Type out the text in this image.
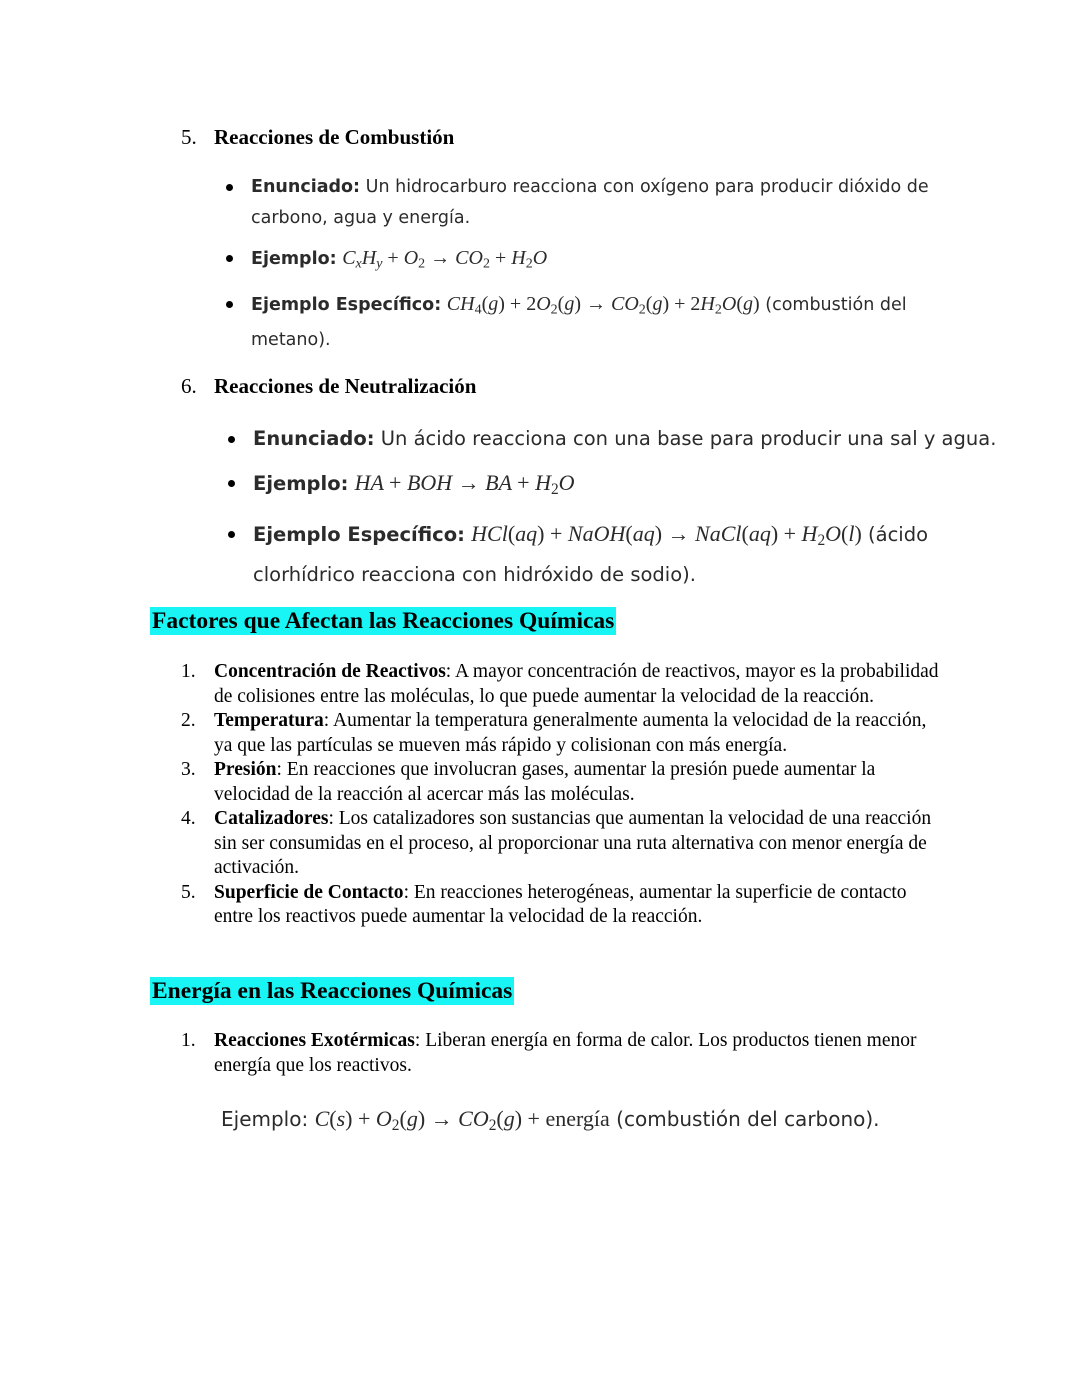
5. Reacciones de Combustión
Enunciado: Un hidrocarburo reacciona con oxígeno para producir dióxido de carbono, agua y energía.
Ejemplo: $C_xH_y + O_2 \to CO_2 + H_2O$
Ejemplo Específico: $CH_4(g) + 2O_2(g) \to CO_2(g) + 2H_2O(g)$ (combustión del metano).
6. Reacciones de Neutralización
Enunciado: Un ácido reacciona con una base para producir una sal y agua.
Ejemplo: HA + BOH → BA + $H_2O$
Ejemplo Específico: HCl(aq) + NaOH(aq) → NaCl(aq) + $H_2O(l)$ (ácido clorhídrico reacciona con hidróxido de sodio).
Factores que Afectan las Reacciones Químicas
1. Concentración de Reactivos: A mayor concentración de reactivos, mayor es la probabilidad de colisiones entre las moléculas, lo que puede aumentar la velocidad de la reacción.
2. Temperatura: Aumentar la temperatura generalmente aumenta la velocidad de la reacción, ya que las partículas se mueven más rápido y colisionan con más energía.
3. Presión: En reacciones que involucran gases, aumentar la presión puede aumentar la velocidad de la reacción al acercar más las moléculas.
4. Catalizadores: Los catalizadores son sustancias que aumentan la velocidad de una reacción sin ser consumidas en el proceso, al proporcionar una ruta alternativa con menor energía de activación.
5. Superficie de Contacto: En reacciones heterogéneas, aumentar la superficie de contacto entre los reactivos puede aumentar la velocidad de la reacción.
Energía en las Reacciones Químicas
1. Reacciones Exotérmicas: Liberan energía en forma de calor. Los productos tienen menor energía que los reactivos.
Ejemplo: $C(s) + O_2(g) \to CO_2(g)$ + energía (combustión del carbono).
